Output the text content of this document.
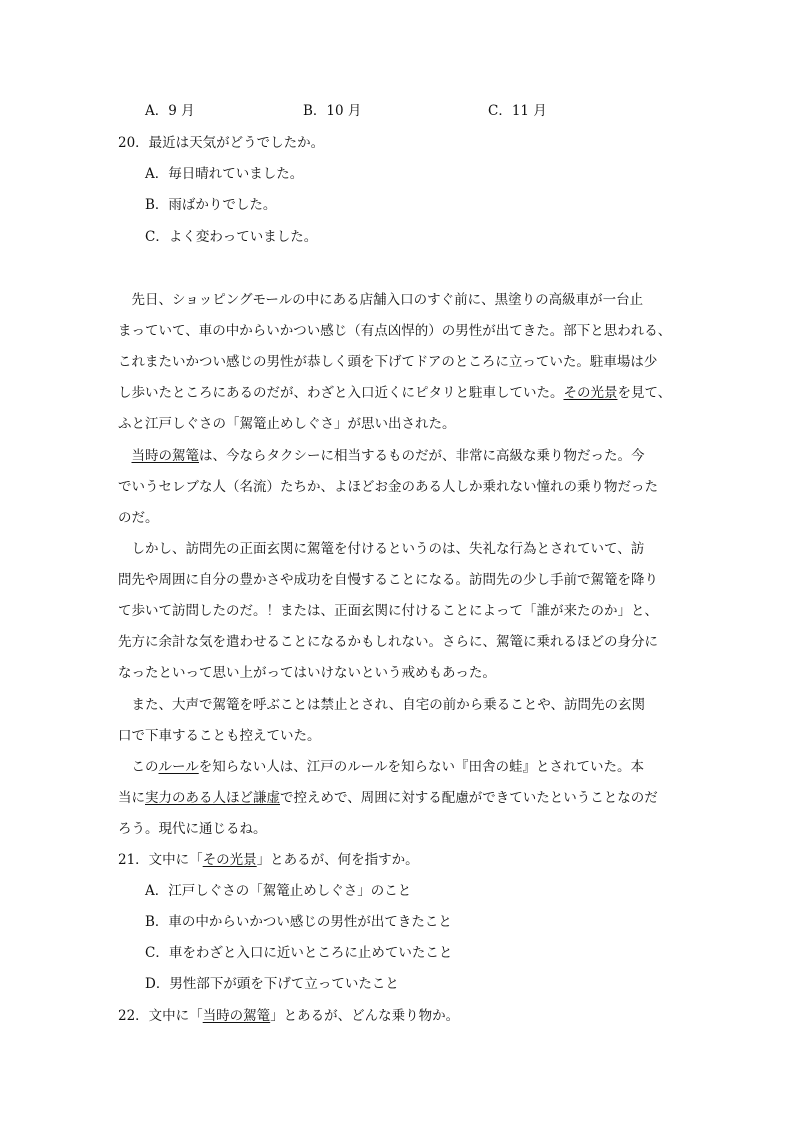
A．9 月	B．10 月	C．11 月
20．最近は天気がどうでしたか。
A．毎日晴れていました。
B．雨ばかりでした。
C．よく変わっていました。
　先日、ショッピングモールの中にある店舗入口のすぐ前に、黒塗りの高級車が一台止
まっていて、車の中からいかつい感じ（有点凶悍的）の男性が出てきた。部下と思われる、
これまたいかつい感じの男性が恭しく頭を下げてドアのところに立っていた。駐車場は少
し歩いたところにあるのだが、わざと入口近くにピタリと駐車していた。その光景を見て、
ふと江戸しぐさの「駕篭止めしぐさ」が思い出された。
　当時の駕篭は、今ならタクシーに相当するものだが、非常に高級な乗り物だった。今
でいうセレブな人（名流）たちか、よほどお金のある人しか乗れない憧れの乗り物だった
のだ。
　しかし、訪問先の正面玄関に駕篭を付けるというのは、失礼な行為とされていて、訪
問先や周囲に自分の豊かさや成功を自慢することになる。訪問先の少し手前で駕篭を降り
て歩いて訪問したのだ。！または、正面玄関に付けることによって「誰が来たのか」と、
先方に余計な気を遣わせることになるかもしれない。さらに、駕篭に乗れるほどの身分に
なったといって思い上がってはいけないという戒めもあった。
　また、大声で駕篭を呼ぶことは禁止とされ、自宅の前から乗ることや、訪問先の玄関
口で下車することも控えていた。
　このルールを知らない人は、江戸のルールを知らない『田舎の蛙』とされていた。本
当に実力のある人ほど謙虚で控えめで、周囲に対する配慮ができていたということなのだ
ろう。現代に通じるね。
21．文中に「その光景」とあるが、何を指すか。
A．江戸しぐさの「駕篭止めしぐさ」のこと
B．車の中からいかつい感じの男性が出てきたこと
C．車をわざと入口に近いところに止めていたこと
D．男性部下が頭を下げて立っていたこと
22．文中に「当時の駕篭」とあるが、どんな乗り物か。
